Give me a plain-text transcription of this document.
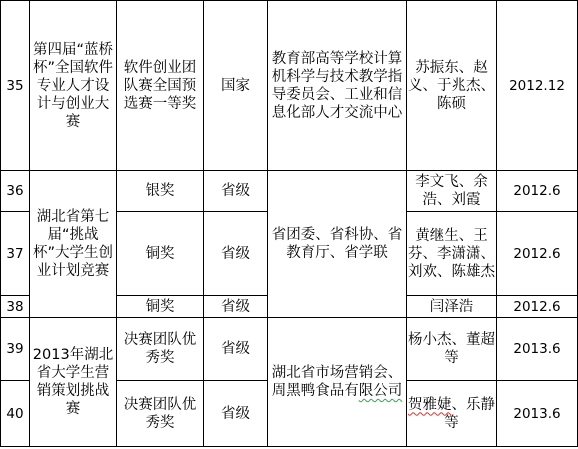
35	第四届“蓝桥杯”全国软件专业人才设计与创业大赛	软件创业团队赛全国预选赛一等奖	国家	教育部高等学校计算机科学与技术教学指导委员会、工业和信息化部人才交流中心	苏振东、赵义、于兆杰、陈硕	2012.12
36	湖北省第七届“挑战杯”大学生创业计划竞赛	银奖	省级	省团委、省科协、省教育厅、省学联	李文飞、余浩、刘霞	2012.6
37		铜奖	省级		黄继生、王芬、李潇潇、刘欢、陈雄杰	2012.6
38		铜奖	省级		闫泽浩	2012.6
39	2013年湖北省大学生营销策划挑战赛	决赛团队优秀奖	省级	湖北省市场营销会、周黑鸭食品有限公司	杨小杰、董超等	2013.6
40		决赛团队优秀奖	省级		贺雅婕、乐静等	2013.6
